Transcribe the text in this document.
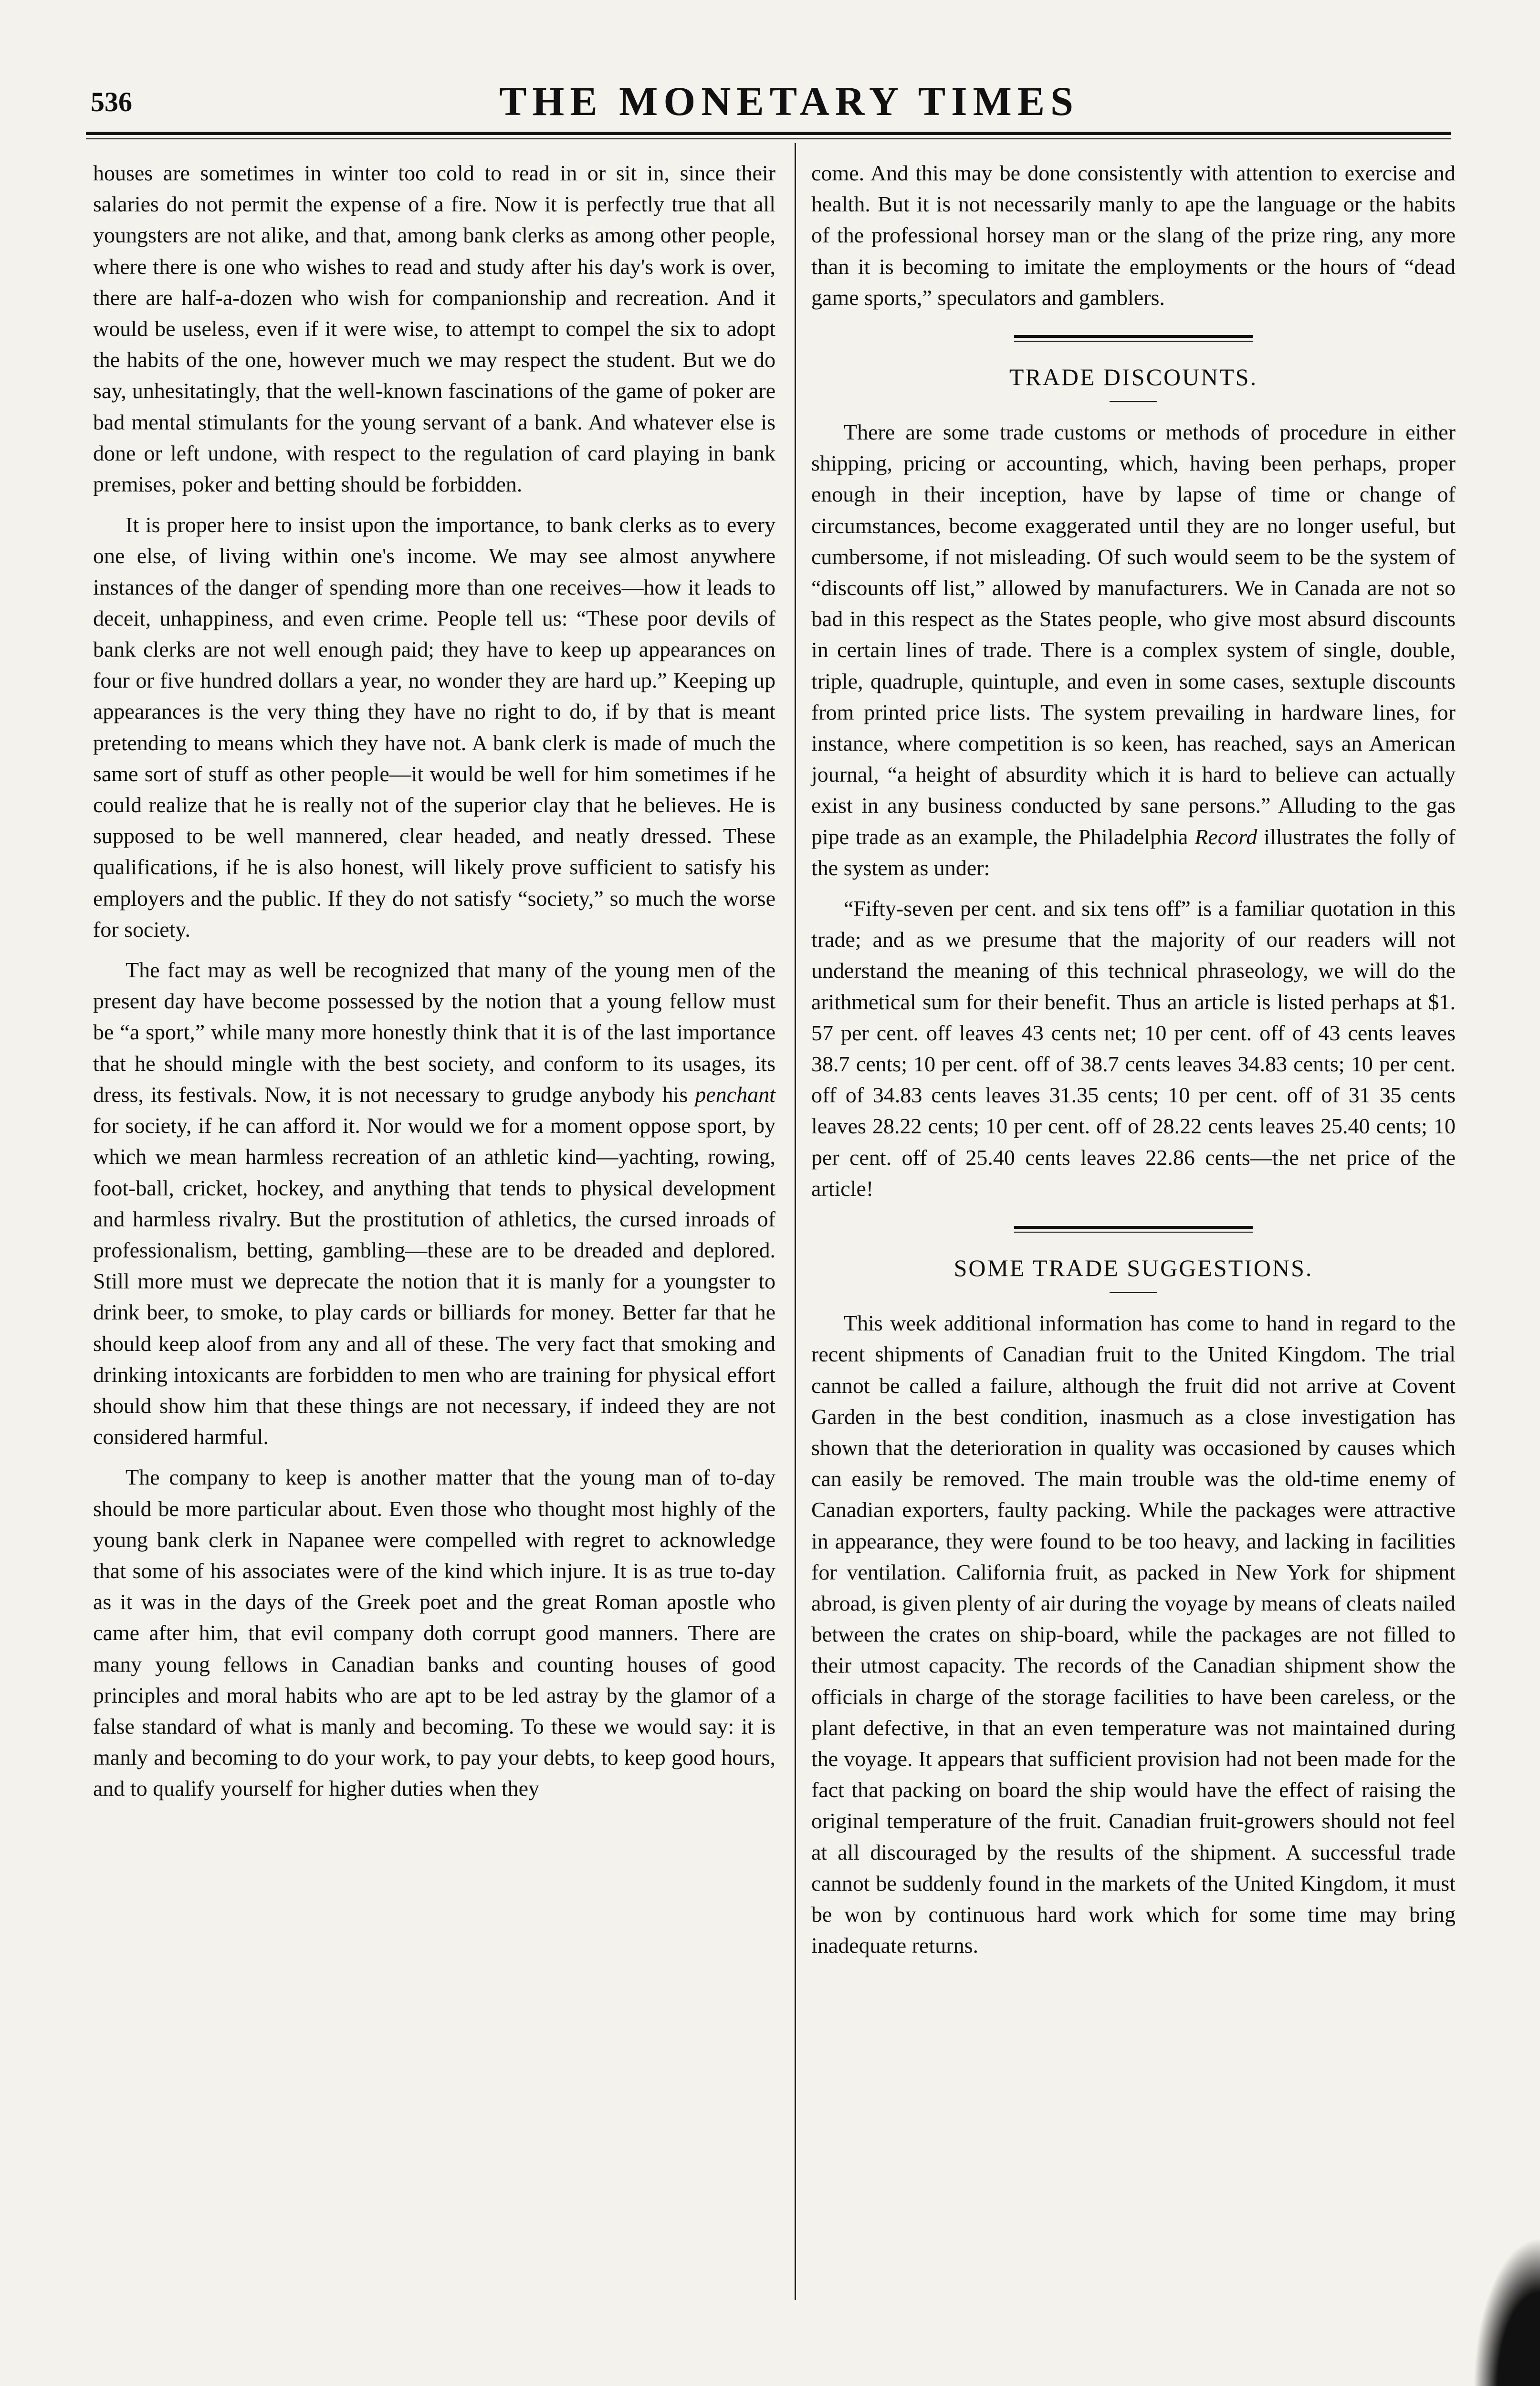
536	THE MONETARY TIMES

houses are sometimes in winter too cold to read in or sit in, since their salaries do not permit the expense of a fire. Now it is perfectly true that all youngsters are not alike, and that, among bank clerks as among other people, where there is one who wishes to read and study after his day's work is over, there are half-a-dozen who wish for companionship and recreation. And it would be useless, even if it were wise, to attempt to compel the six to adopt the habits of the one, however much we may respect the student. But we do say, unhesitatingly, that the well-known fascinations of the game of poker are bad mental stimulants for the young servant of a bank. And whatever else is done or left undone, with respect to the regulation of card playing in bank premises, poker and betting should be forbidden.

It is proper here to insist upon the importance, to bank clerks as to every one else, of living within one's income. We may see almost anywhere instances of the danger of spending more than one receives—how it leads to deceit, unhappiness, and even crime. People tell us: “These poor devils of bank clerks are not well enough paid; they have to keep up appearances on four or five hundred dollars a year, no wonder they are hard up.” Keeping up appearances is the very thing they have no right to do, if by that is meant pretending to means which they have not. A bank clerk is made of much the same sort of stuff as other people—it would be well for him sometimes if he could realize that he is really not of the superior clay that he believes. He is supposed to be well mannered, clear headed, and neatly dressed. These qualifications, if he is also honest, will likely prove sufficient to satisfy his employers and the public. If they do not satisfy “society,” so much the worse for society.

The fact may as well be recognized that many of the young men of the present day have become possessed by the notion that a young fellow must be “a sport,” while many more honestly think that it is of the last importance that he should mingle with the best society, and conform to its usages, its dress, its festivals. Now, it is not necessary to grudge anybody his penchant for society, if he can afford it. Nor would we for a moment oppose sport, by which we mean harmless recreation of an athletic kind—yachting, rowing, foot-ball, cricket, hockey, and anything that tends to physical development and harmless rivalry. But the prostitution of athletics, the cursed inroads of professionalism, betting, gambling—these are to be dreaded and deplored. Still more must we deprecate the notion that it is manly for a youngster to drink beer, to smoke, to play cards or billiards for money. Better far that he should keep aloof from any and all of these. The very fact that smoking and drinking intoxicants are forbidden to men who are training for physical effort should show him that these things are not necessary, if indeed they are not considered harmful.

The company to keep is another matter that the young man of to-day should be more particular about. Even those who thought most highly of the young bank clerk in Napanee were compelled with regret to acknowledge that some of his associates were of the kind which injure. It is as true to-day as it was in the days of the Greek poet and the great Roman apostle who came after him, that evil company doth corrupt good manners. There are many young fellows in Canadian banks and counting houses of good principles and moral habits who are apt to be led astray by the glamor of a false standard of what is manly and becoming. To these we would say: it is manly and becoming to do your work, to pay your debts, to keep good hours, and to qualify yourself for higher duties when they

come. And this may be done consistently with attention to exercise and health. But it is not necessarily manly to ape the language or the habits of the professional horsey man or the slang of the prize ring, any more than it is becoming to imitate the employments or the hours of “dead game sports,” speculators and gamblers.

TRADE DISCOUNTS.

There are some trade customs or methods of procedure in either shipping, pricing or accounting, which, having been perhaps, proper enough in their inception, have by lapse of time or change of circumstances, become exaggerated until they are no longer useful, but cumbersome, if not misleading. Of such would seem to be the system of “discounts off list,” allowed by manufacturers. We in Canada are not so bad in this respect as the States people, who give most absurd discounts in certain lines of trade. There is a complex system of single, double, triple, quadruple, quintuple, and even in some cases, sextuple discounts from printed price lists. The system prevailing in hardware lines, for instance, where competition is so keen, has reached, says an American journal, “a height of absurdity which it is hard to believe can actually exist in any business conducted by sane persons.” Alluding to the gas pipe trade as an example, the Philadelphia Record illustrates the folly of the system as under:

“Fifty-seven per cent. and six tens off” is a familiar quotation in this trade; and as we presume that the majority of our readers will not understand the meaning of this technical phraseology, we will do the arithmetical sum for their benefit. Thus an article is listed perhaps at $1. 57 per cent. off leaves 43 cents net; 10 per cent. off of 43 cents leaves 38.7 cents; 10 per cent. off of 38.7 cents leaves 34.83 cents; 10 per cent. off of 34.83 cents leaves 31.35 cents; 10 per cent. off of 31 35 cents leaves 28.22 cents; 10 per cent. off of 28.22 cents leaves 25.40 cents; 10 per cent. off of 25.40 cents leaves 22.86 cents—the net price of the article!

SOME TRADE SUGGESTIONS.

This week additional information has come to hand in regard to the recent shipments of Canadian fruit to the United Kingdom. The trial cannot be called a failure, although the fruit did not arrive at Covent Garden in the best condition, inasmuch as a close investigation has shown that the deterioration in quality was occasioned by causes which can easily be removed. The main trouble was the old-time enemy of Canadian exporters, faulty packing. While the packages were attractive in appearance, they were found to be too heavy, and lacking in facilities for ventilation. California fruit, as packed in New York for shipment abroad, is given plenty of air during the voyage by means of cleats nailed between the crates on ship-board, while the packages are not filled to their utmost capacity. The records of the Canadian shipment show the officials in charge of the storage facilities to have been careless, or the plant defective, in that an even temperature was not maintained during the voyage. It appears that sufficient provision had not been made for the fact that packing on board the ship would have the effect of raising the original temperature of the fruit. Canadian fruit-growers should not feel at all discouraged by the results of the shipment. A successful trade cannot be suddenly found in the markets of the United Kingdom, it must be won by continuous hard work which for some time may bring inadequate returns.
